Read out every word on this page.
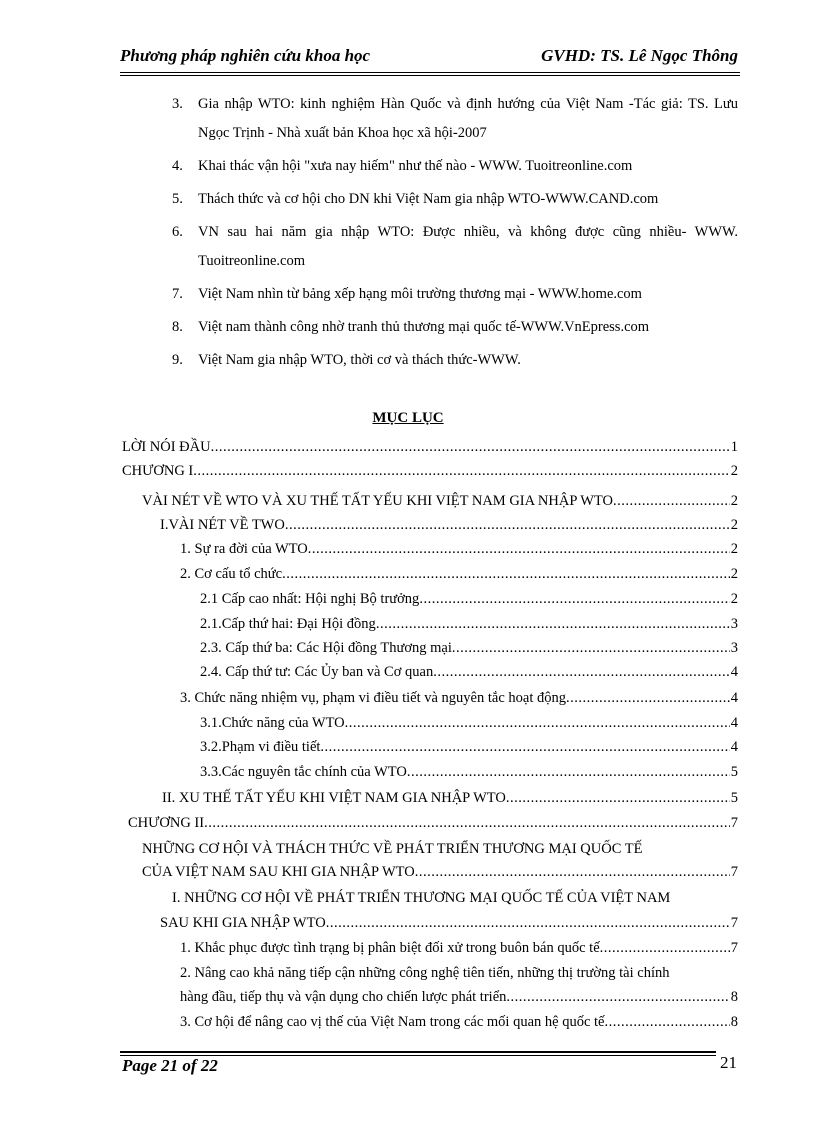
Phương pháp nghiên cứu khoa học	GVHD: TS. Lê Ngọc Thông
3. Gia nhập WTO: kinh nghiệm Hàn Quốc và định hướng của Việt Nam -Tác giả: TS. Lưu Ngọc Trịnh - Nhà xuất bản Khoa học xã hội-2007
4. Khai thác vận hội "xưa nay hiếm" như thế nào - WWW. Tuoitreonline.com
5. Thách thức và cơ hội cho DN khi Việt Nam gia nhập WTO-WWW.CAND.com
6. VN sau hai năm gia nhập WTO: Được nhiều, và không được cũng nhiều- WWW. Tuoitreonline.com
7. Việt Nam nhìn từ bảng xếp hạng môi trường thương mại - WWW.home.com
8. Việt nam thành công nhờ tranh thủ thương mại quốc tế-WWW.VnEpress.com
9. Việt Nam gia nhập WTO, thời cơ và thách thức-WWW.
MỤC LỤC
LỜI NÓI ĐẦU .....	1
CHƯƠNG I .....	2
VÀI NÉT VỀ WTO VÀ XU THẾ TẤT YẾU KHI VIỆT NAM GIA NHẬP WTO .....	2
I.VÀI NÉT VỀ TWO .....	2
1. Sự ra đời của WTO .....	2
2. Cơ cấu tổ chức .....	2
2.1 Cấp cao nhất: Hội nghị Bộ trưởng .....	2
2.1.Cấp thứ hai: Đại Hội đồng .....	3
2.3. Cấp thứ ba: Các Hội đồng Thương mại .....	3
2.4. Cấp thứ tư: Các Ủy ban và Cơ quan .....	4
3. Chức năng nhiệm vụ, phạm vi điều tiết và nguyên tắc hoạt động .....	4
3.1.Chức năng của WTO .....	4
3.2.Phạm vi điều tiết .....	4
3.3.Các nguyên tắc chính của WTO .....	5
II. XU THẾ TẤT YẾU KHI VIỆT NAM GIA NHẬP WTO .....	5
CHƯƠNG II .....	7
NHỮNG CƠ HỘI VÀ THÁCH THỨC VỀ PHÁT TRIỂN THƯƠNG MẠI QUỐC TẾ
CỦA VIỆT NAM SAU KHI GIA NHẬP WTO .....	7
I. NHỮNG CƠ HỘI VỀ PHÁT TRIỂN THƯƠNG MẠI QUỐC TẾ CỦA VIỆT NAM
SAU KHI GIA NHẬP WTO .....	7
1. Khắc phục được tình trạng bị phân biệt đối xử trong buôn bán quốc tế .....	7
2. Nâng cao khả năng tiếp cận những công nghệ tiên tiến, những thị trường tài chính
hàng đầu, tiếp thụ và vận dụng cho chiến lược phát triển .....	8
3. Cơ hội để nâng cao vị thế của Việt Nam trong các mối quan hệ quốc tế .....	8
Page 21 of 22	21
